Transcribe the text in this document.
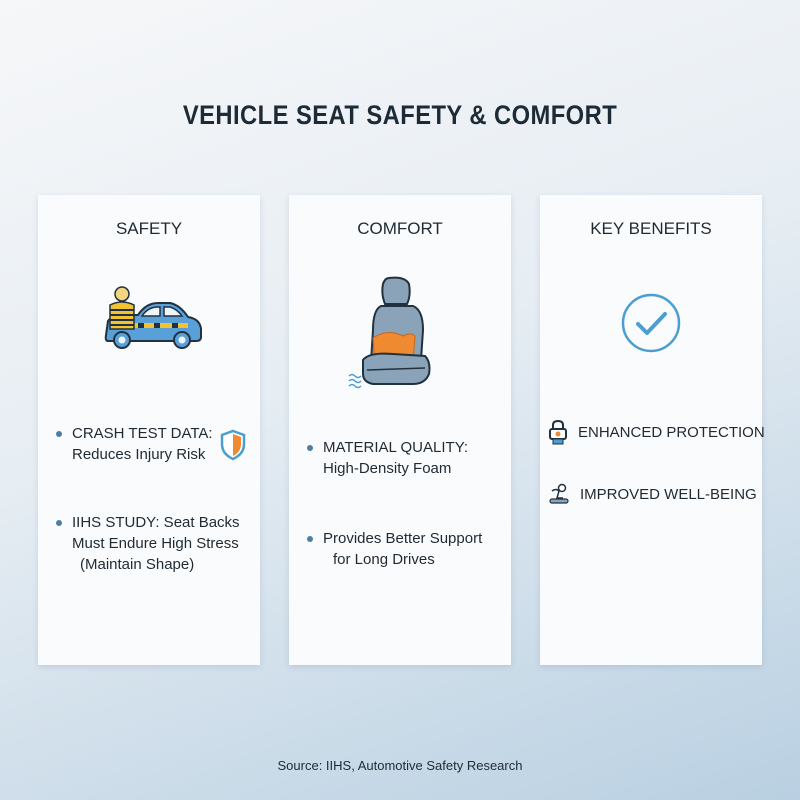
VEHICLE SEAT SAFETY & COMFORT
SAFETY
CRASH TEST DATA:
Reduces Injury Risk
IIHS STUDY: Seat Backs
Must Endure High Stress
(Maintain Shape)
COMFORT
MATERIAL QUALITY:
High-Density Foam
Provides Better Support
for Long Drives
KEY BENEFITS
ENHANCED PROTECTION
IMPROVED WELL-BEING
Source: IIHS, Automotive Safety Research
